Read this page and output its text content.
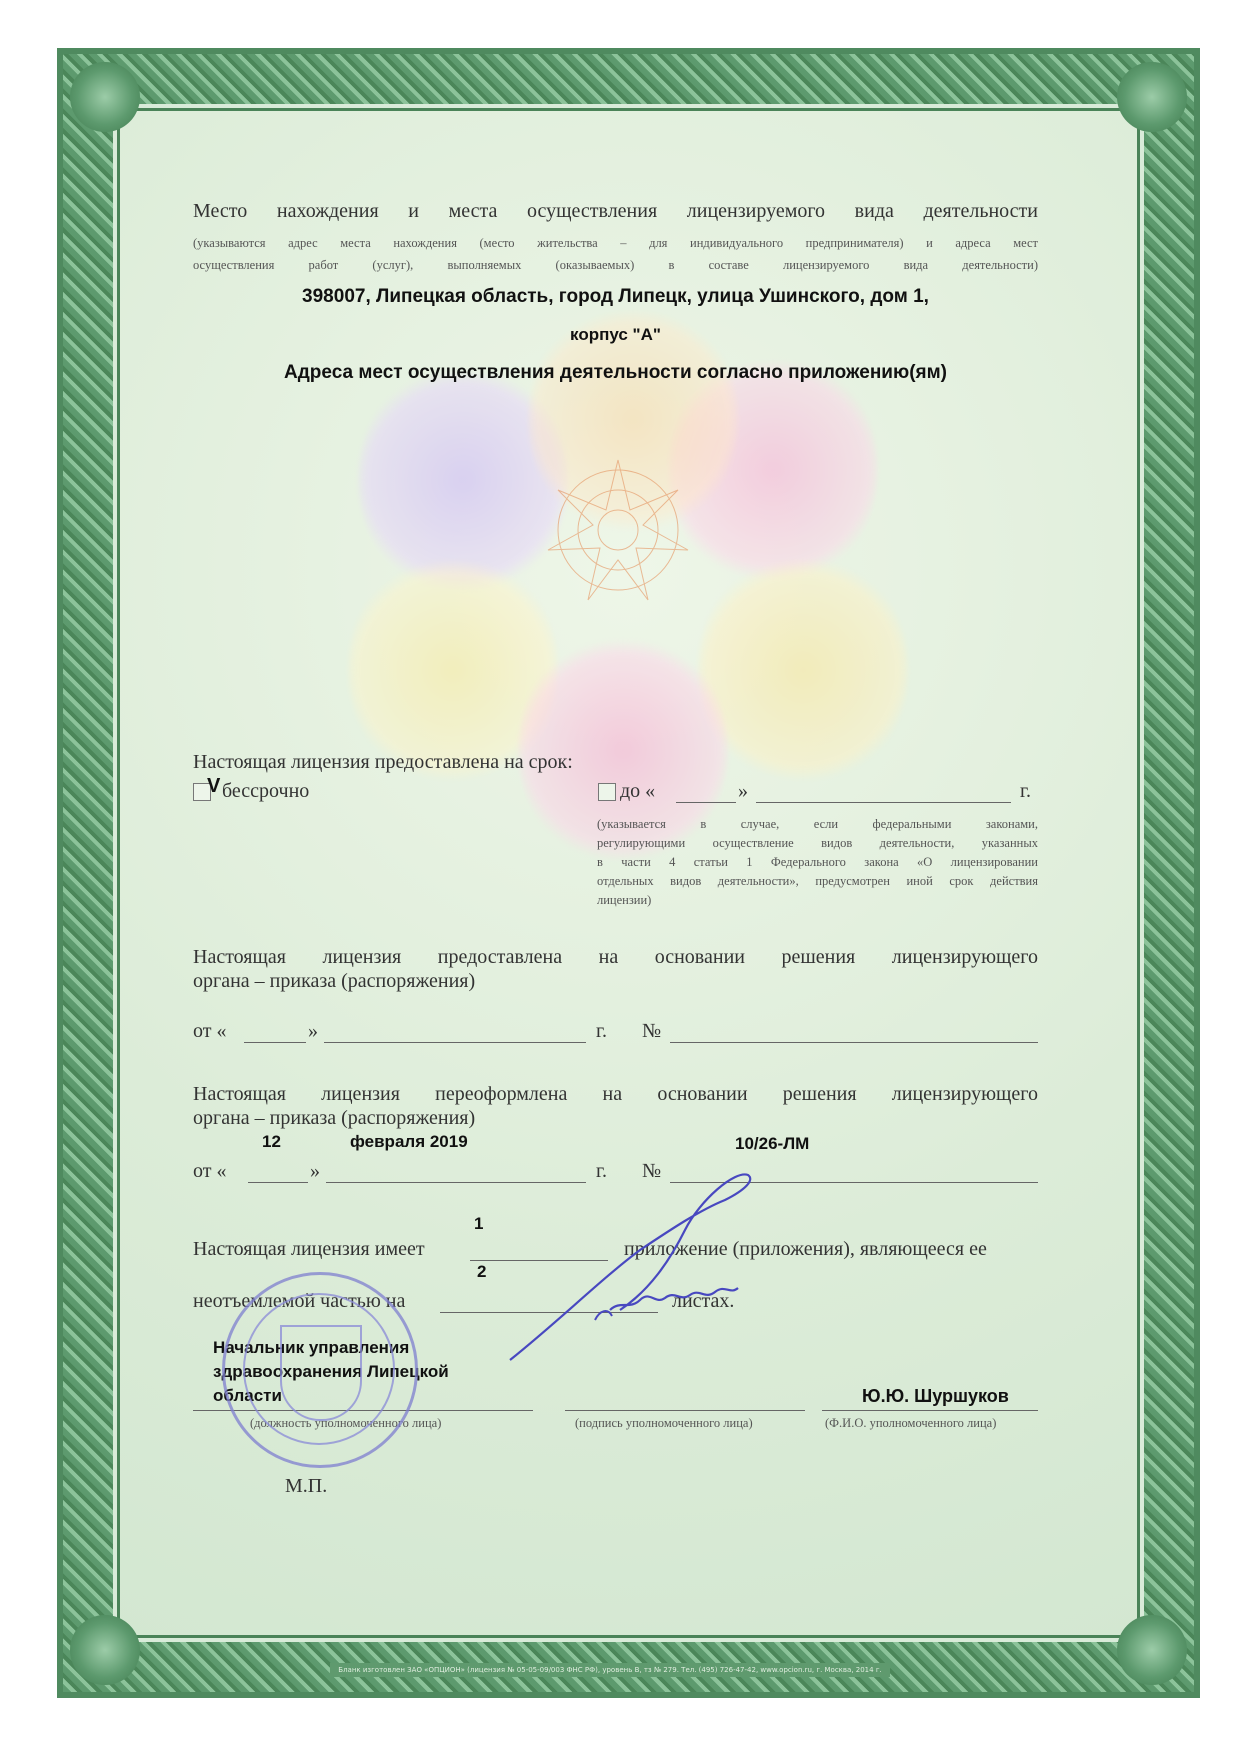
Место нахождения и места осуществления лицензируемого вида деятельности
(указываются адрес места нахождения (место жительства – для индивидуального предпринимателя) и адреса мест
осуществления работ (услуг), выполняемых (оказываемых) в составе лицензируемого вида деятельности)
398007, Липецкая область, город Липецк, улица Ушинского, дом 1,
корпус "А"
Адреса мест осуществления деятельности согласно приложению(ям)
Настоящая лицензия предоставлена на срок:
V бессрочно	до «	»	г.
(указывается в случае, если федеральными законами,
регулирующими осуществление видов деятельности, указанных
в части 4 статьи 1 Федерального закона «О лицензировании
отдельных видов деятельности», предусмотрен иной срок действия
лицензии)
Настоящая лицензия предоставлена на основании решения лицензирующего
органа – приказа (распоряжения)
от «	»	г. №
Настоящая лицензия переоформлена на основании решения лицензирующего
органа – приказа (распоряжения)
12	февраля 2019	10/26-ЛМ
от «	»	г. №
1
Настоящая лицензия имеет	приложение (приложения), являющееся ее
2
неотъемлемой частью на	листах.
Начальник управления
здравоохранения Липецкой
области	Ю.Ю. Шуршуков
(должность уполномоченного лица)	(подпись уполномоченного лица)	(Ф.И.О. уполномоченного лица)
М.П.
Бланк изготовлен ЗАО «ОПЦИОН» (лицензия № 05-05-09/003 ФНС РФ), уровень В, тз № 279. Тел. (495) 726-47-42, www.opcion.ru, г. Москва, 2014 г.
